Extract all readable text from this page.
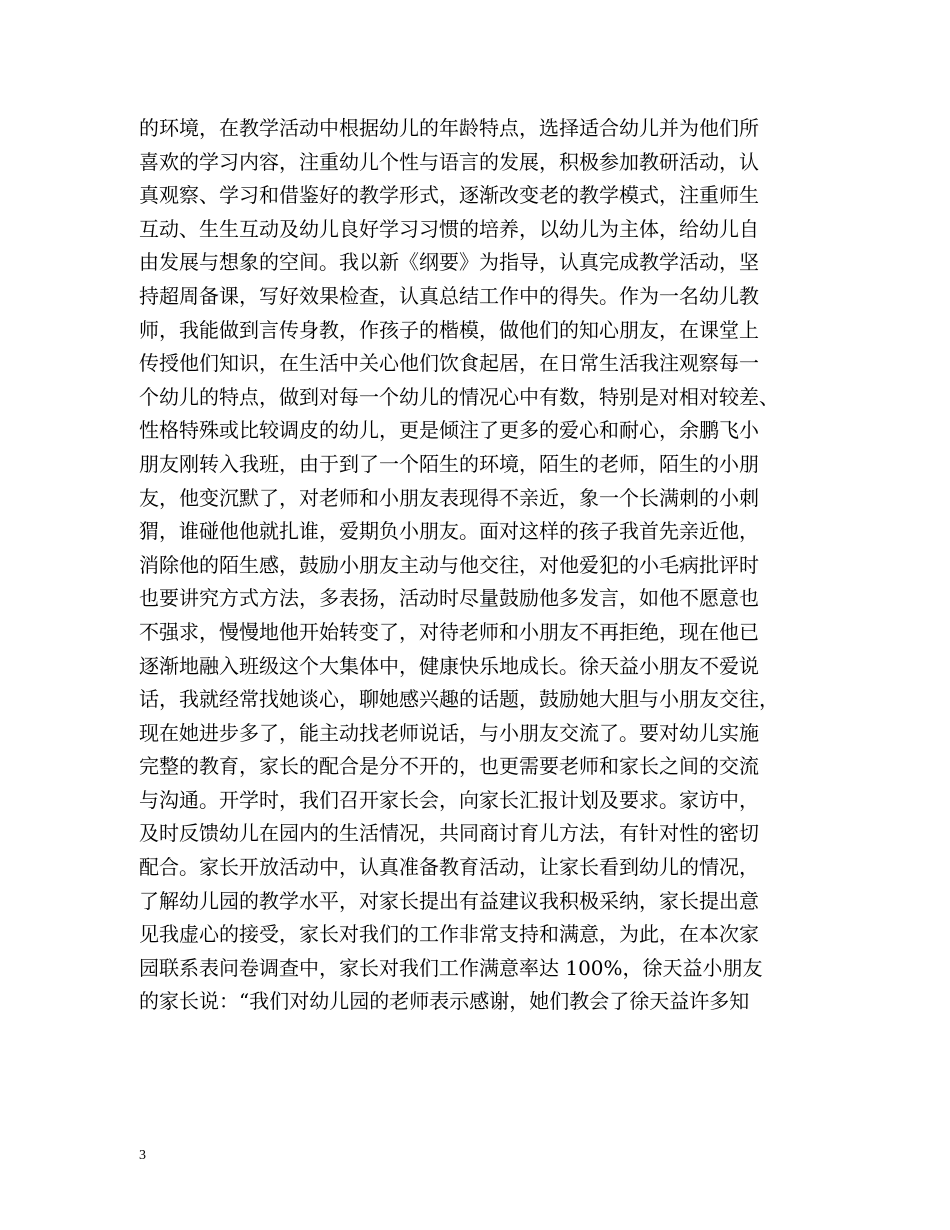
的环境，在教学活动中根据幼儿的年龄特点，选择适合幼儿并为他们所
喜欢的学习内容，注重幼儿个性与语言的发展，积极参加教研活动，认
真观察、学习和借鉴好的教学形式，逐渐改变老的教学模式，注重师生
互动、生生互动及幼儿良好学习习惯的培养，以幼儿为主体，给幼儿自
由发展与想象的空间。我以新《纲要》为指导，认真完成教学活动，坚
持超周备课，写好效果检查，认真总结工作中的得失。作为一名幼儿教
师，我能做到言传身教，作孩子的楷模，做他们的知心朋友，在课堂上
传授他们知识，在生活中关心他们饮食起居，在日常生活我注观察每一
个幼儿的特点，做到对每一个幼儿的情况心中有数，特别是对相对较差、
性格特殊或比较调皮的幼儿，更是倾注了更多的爱心和耐心，余鹏飞小
朋友刚转入我班，由于到了一个陌生的环境，陌生的老师，陌生的小朋
友，他变沉默了，对老师和小朋友表现得不亲近，象一个长满刺的小刺
猬，谁碰他他就扎谁，爱期负小朋友。面对这样的孩子我首先亲近他，
消除他的陌生感，鼓励小朋友主动与他交往，对他爱犯的小毛病批评时
也要讲究方式方法，多表扬，活动时尽量鼓励他多发言，如他不愿意也
不强求，慢慢地他开始转变了，对待老师和小朋友不再拒绝，现在他已
逐渐地融入班级这个大集体中，健康快乐地成长。徐天益小朋友不爱说
话，我就经常找她谈心，聊她感兴趣的话题，鼓励她大胆与小朋友交往，
现在她进步多了，能主动找老师说话，与小朋友交流了。要对幼儿实施
完整的教育，家长的配合是分不开的，也更需要老师和家长之间的交流
与沟通。开学时，我们召开家长会，向家长汇报计划及要求。家访中，
及时反馈幼儿在园内的生活情况，共同商讨育儿方法，有针对性的密切
配合。家长开放活动中，认真准备教育活动，让家长看到幼儿的情况，
了解幼儿园的教学水平，对家长提出有益建议我积极采纳，家长提出意
见我虚心的接受，家长对我们的工作非常支持和满意，为此，在本次家
园联系表问卷调查中，家长对我们工作满意率达 100%，徐天益小朋友
的家长说：“我们对幼儿园的老师表示感谢，她们教会了徐天益许多知
3
